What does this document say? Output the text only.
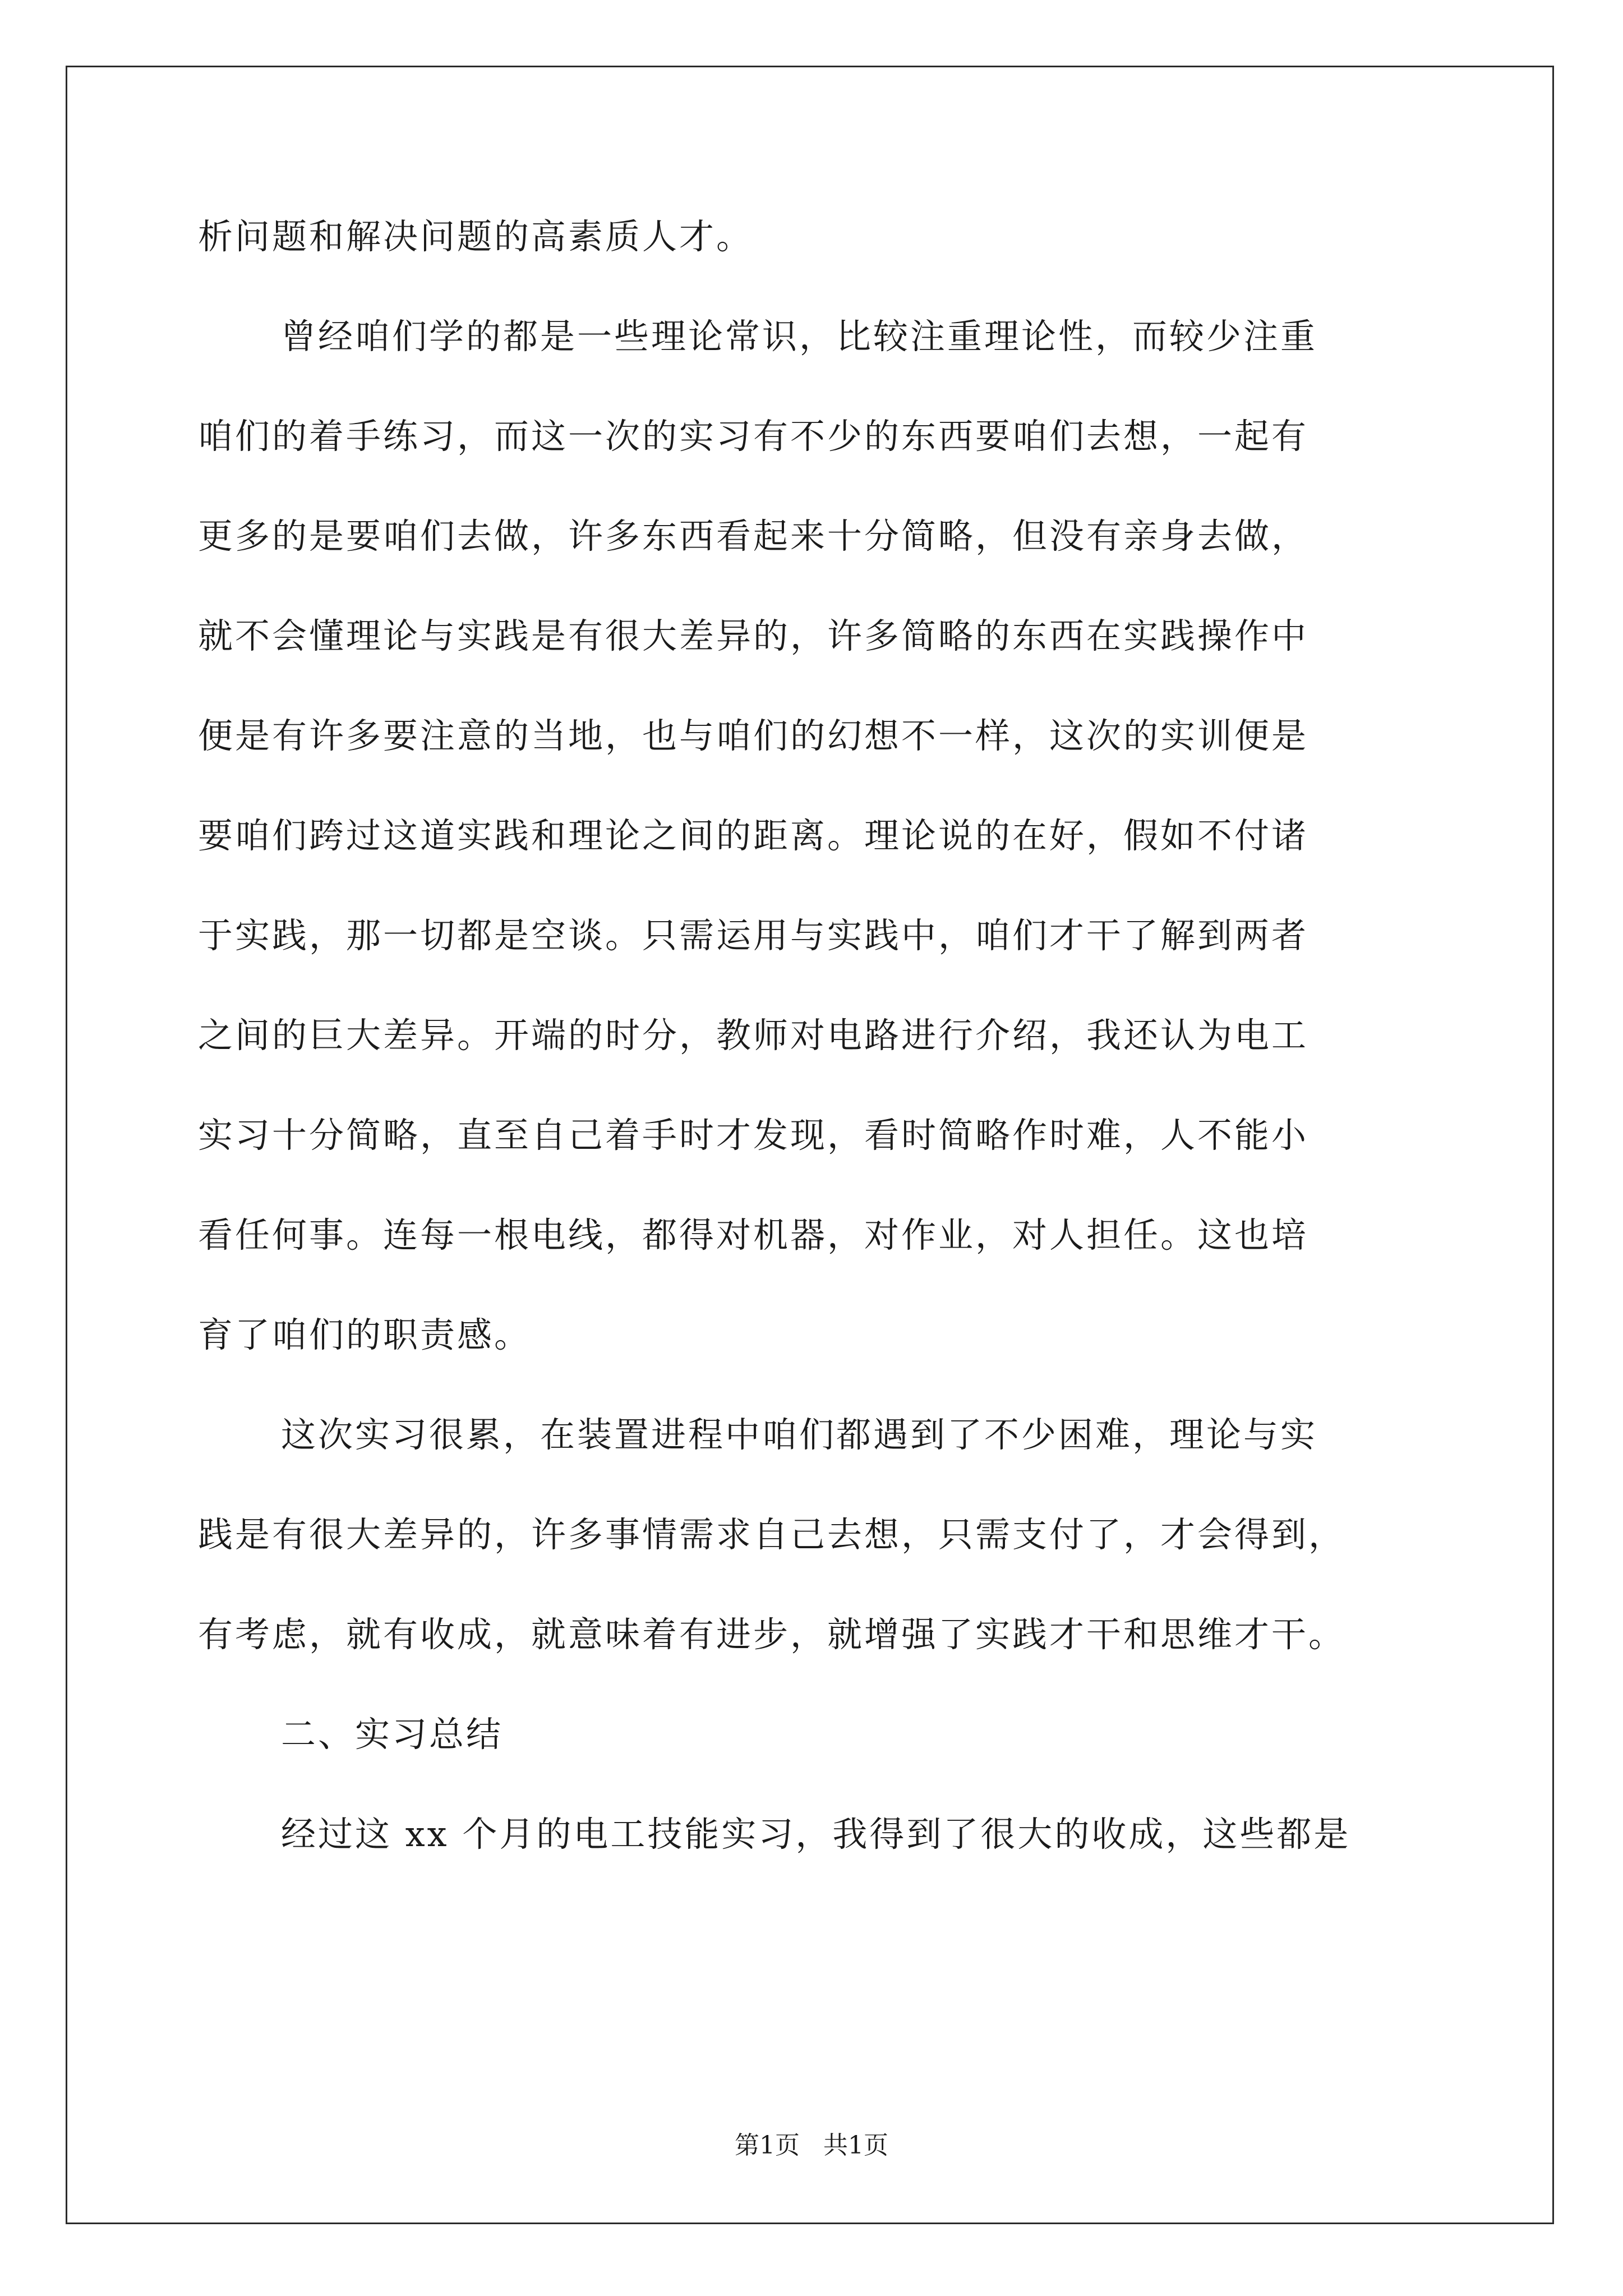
析问题和解决问题的高素质人才。
曾经咱们学的都是一些理论常识，比较注重理论性，而较少注重
咱们的着手练习，而这一次的实习有不少的东西要咱们去想，一起有
更多的是要咱们去做，许多东西看起来十分简略，但没有亲身去做，
就不会懂理论与实践是有很大差异的，许多简略的东西在实践操作中
便是有许多要注意的当地，也与咱们的幻想不一样，这次的实训便是
要咱们跨过这道实践和理论之间的距离。理论说的在好，假如不付诸
于实践，那一切都是空谈。只需运用与实践中，咱们才干了解到两者
之间的巨大差异。开端的时分，教师对电路进行介绍，我还认为电工
实习十分简略，直至自己着手时才发现，看时简略作时难，人不能小
看任何事。连每一根电线，都得对机器，对作业，对人担任。这也培
育了咱们的职责感。
这次实习很累，在装置进程中咱们都遇到了不少困难，理论与实
践是有很大差异的，许多事情需求自己去想，只需支付了，才会得到，
有考虑，就有收成，就意味着有进步，就增强了实践才干和思维才干。
二、实习总结
经过这 xx 个月的电工技能实习，我得到了很大的收成，这些都是
第1页   共1页
